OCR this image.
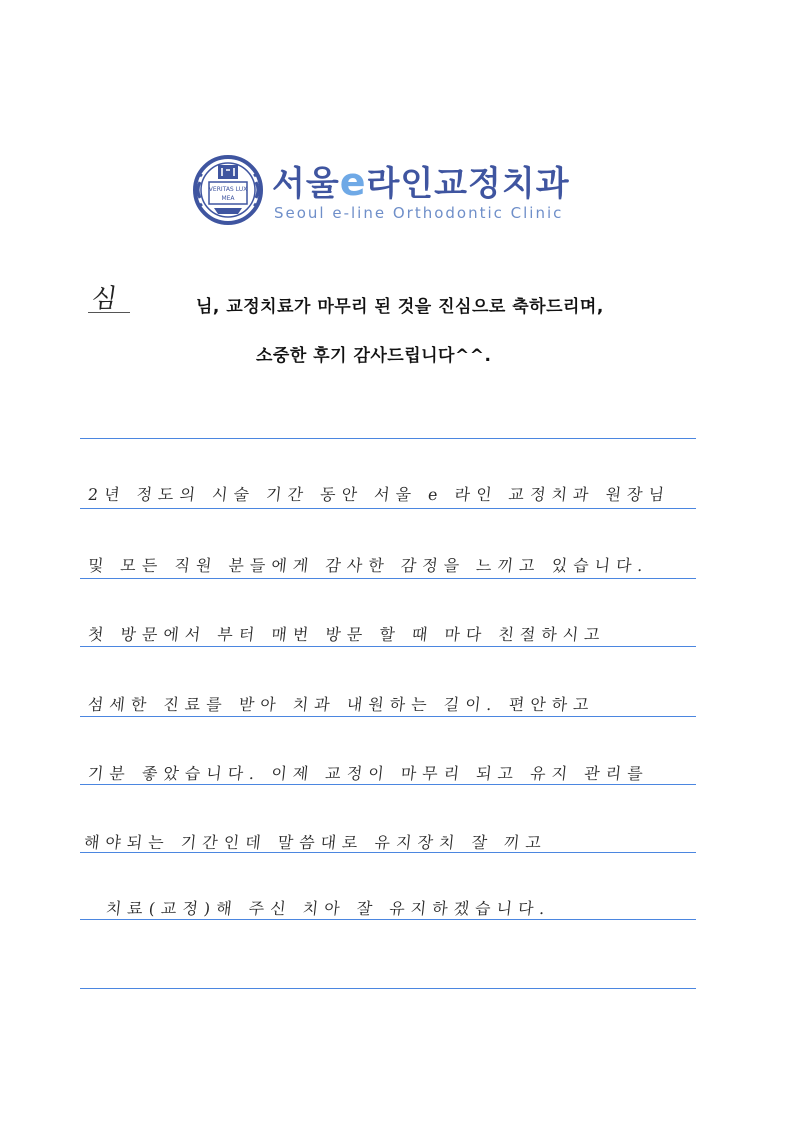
VERITAS LUX
MEA 서울e라인교정치과
Seoul e-line Orthodontic Clinic
심	님, 교정치료가 마무리 된 것을 진심으로 축하드리며,
소중한 후기 감사드립니다^^.
2년 정도의 시술 기간 동안 서울 e 라인 교정치과 원장님
및 모든 직원 분들에게 감사한 감정을 느끼고 있습니다.
첫 방문에서 부터 매번 방문 할 때 마다 친절하시고
섬세한 진료를 받아 치과 내원하는 길이. 편안하고
기분 좋았습니다. 이제 교정이 마무리 되고 유지 관리를
해야되는 기간인데 말씀대로 유지장치 잘 끼고
치료(교정)해 주신 치아 잘 유지하겠습니다.
